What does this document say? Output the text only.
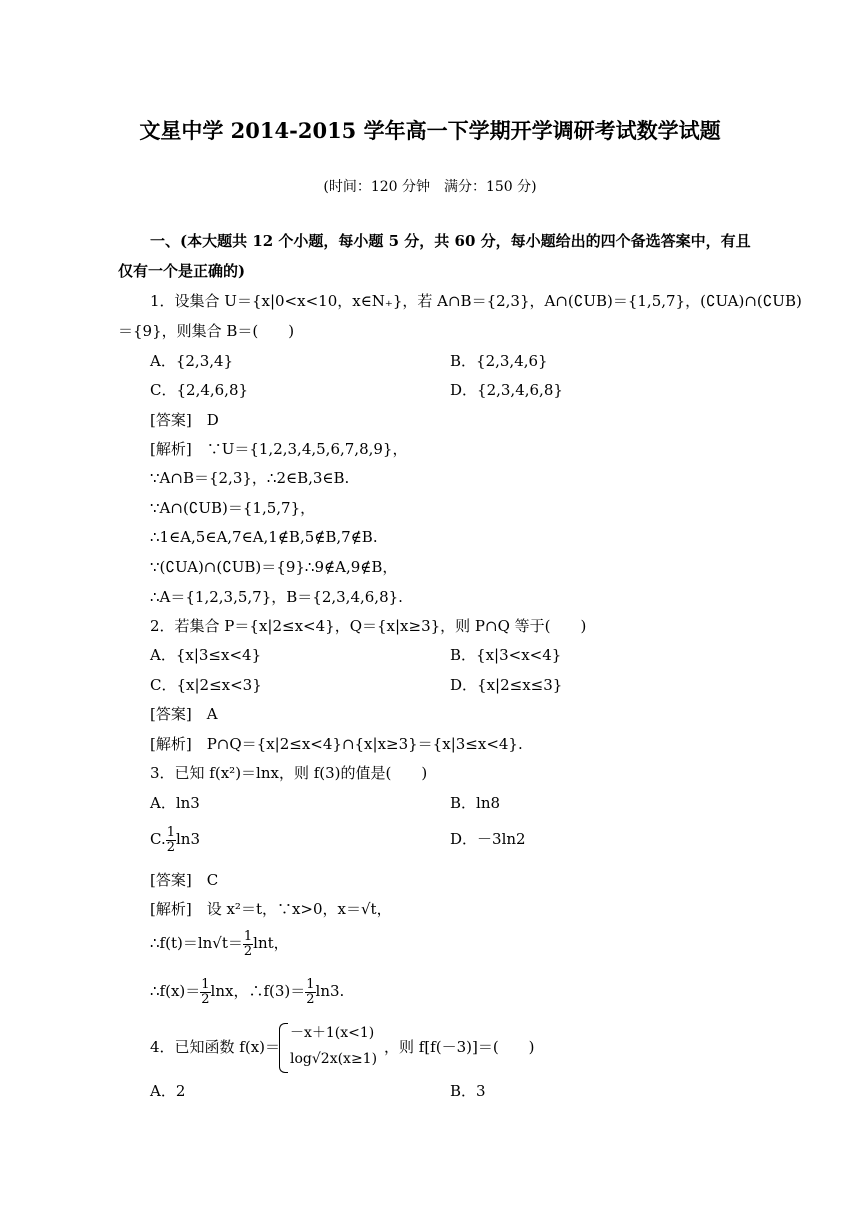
文星中学 2014-2015 学年高一下学期开学调研考试数学试题
(时间：120 分钟　满分：150 分)
一、(本大题共 12 个小题，每小题 5 分，共 60 分，每小题给出的四个备选答案中，有且
仅有一个是正确的)
1．设集合 U＝{x|0<x<10，x∈N₊}，若 A∩B＝{2,3}，A∩(∁UB)＝{1,5,7}，(∁UA)∩(∁UB)
＝{9}，则集合 B＝(　　)
A．{2,3,4}	B．{2,3,4,6}
C．{2,4,6,8}	D．{2,3,4,6,8}
[答案]　D
[解析]　∵U＝{1,2,3,4,5,6,7,8,9}，
∵A∩B＝{2,3}，∴2∈B,3∈B.
∵A∩(∁UB)＝{1,5,7}，
∴1∈A,5∈A,7∈A,1∉B,5∉B,7∉B.
∵(∁UA)∩(∁UB)＝{9}∴9∉A,9∉B，
∴A＝{1,2,3,5,7}，B＝{2,3,4,6,8}.
2．若集合 P＝{x|2≤x<4}，Q＝{x|x≥3}，则 P∩Q 等于(　　)
A．{x|3≤x<4}	B．{x|3<x<4}
C．{x|2≤x<3}	D．{x|2≤x≤3}
[答案]　A
[解析]　P∩Q＝{x|2≤x<4}∩{x|x≥3}＝{x|3≤x<4}.
3．已知 f(x²)＝lnx，则 f(3)的值是(　　)
A．ln3	B．ln8
C. $\frac{1}{2} \ln 3$	D．－3ln2
[答案]　C
[解析]　设 x²＝t，∵x>0，x＝√t，
∴f(t)＝ln√t＝ $\frac{1}{2}$ lnt，
∴f(x)＝ $\frac{1}{2}$ lnx，∴f(3)＝ $\frac{1}{2} \ln 3$.
4．已知函数 f(x)＝
－x＋1(x<1)
log√2x(x≥1)
，则 f[f(－3)]＝(　　)
A．2	B．3
